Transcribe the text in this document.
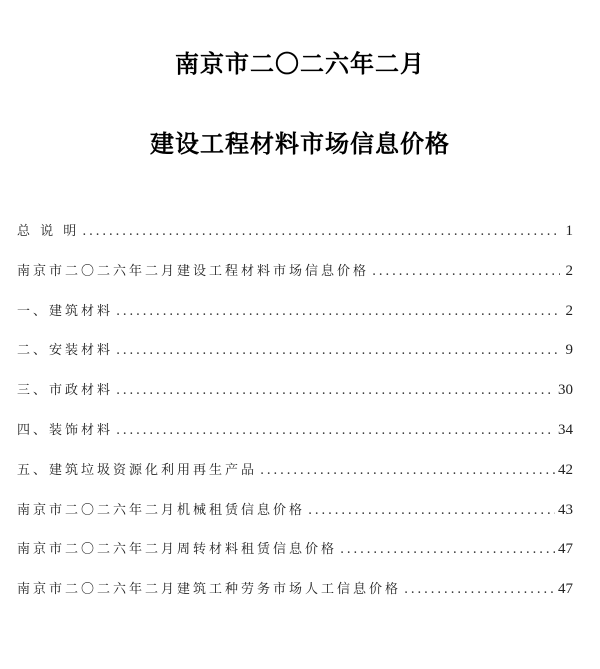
南京市二〇二六年二月
建设工程材料市场信息价格
总 说 明 .....	1
南京市二〇二六年二月建设工程材料市场信息价格 .....	2
一、建筑材料 .....	2
二、安装材料 .....	9
三、市政材料 .....	30
四、装饰材料 .....	34
五、建筑垃圾资源化利用再生产品 .....	42
南京市二〇二六年二月机械租赁信息价格 .....	43
南京市二〇二六年二月周转材料租赁信息价格 .....	47
南京市二〇二六年二月建筑工种劳务市场人工信息价格 .....	47
